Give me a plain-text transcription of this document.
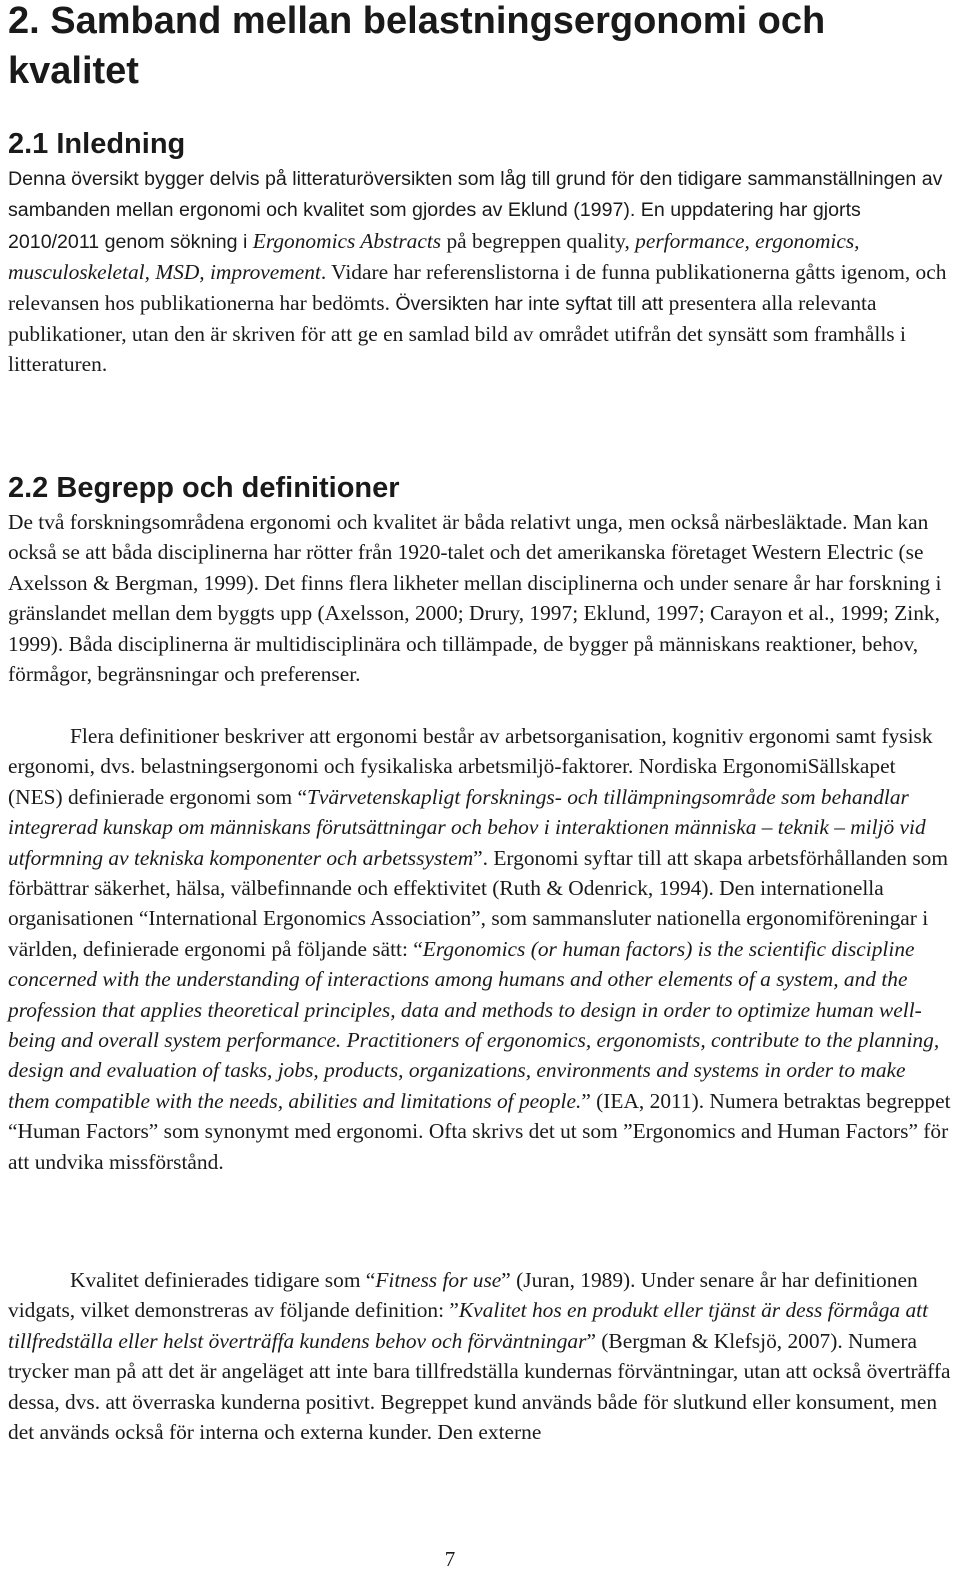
2. Samband mellan belastningsergonomi och kvalitet
2.1 Inledning

Denna översikt bygger delvis på litteraturöversikten som låg till grund för den tidigare sammanställningen av sambanden mellan ergonomi och kvalitet som gjordes av Eklund (1997). En uppdatering har gjorts 2010/2011 genom sökning i Ergonomics Abstracts på begreppen quality, performance, ergonomics, musculoskeletal, MSD, improvement. Vidare har referenslistorna i de funna publikationerna gåtts igenom, och relevansen hos publikationerna har bedömts. Översikten har inte syftat till att presentera alla relevanta publikationer, utan den är skriven för att ge en samlad bild av området utifrån det synsätt som framhålls i litteraturen.

2.2 Begrepp och definitioner

De två forskningsområdena ergonomi och kvalitet är båda relativt unga, men också närbesläktade. Man kan också se att båda disciplinerna har rötter från 1920-talet och det amerikanska företaget Western Electric (se Axelsson & Bergman, 1999). Det finns flera likheter mellan disciplinerna och under senare år har forskning i gränslandet mellan dem byggts upp (Axelsson, 2000; Drury, 1997; Eklund, 1997; Carayon et al., 1999; Zink, 1999). Båda disciplinerna är multidisciplinära och tillämpade, de bygger på människans reaktioner, behov, förmågor, begränsningar och preferenser.

Flera definitioner beskriver att ergonomi består av arbetsorganisation, kognitiv ergonomi samt fysisk ergonomi, dvs. belastningsergonomi och fysikaliska arbetsmiljö-faktorer. Nordiska ErgonomiSällskapet (NES) definierade ergonomi som “Tvärvetenskapligt forsknings- och tillämpningsområde som behandlar integrerad kunskap om människans förutsättningar och behov i interaktionen människa – teknik – miljö vid utformning av tekniska komponenter och arbetssystem”. Ergonomi syftar till att skapa arbetsförhållanden som förbättrar säkerhet, hälsa, välbefinnande och effektivitet (Ruth & Odenrick, 1994). Den internationella organisationen “International Ergonomics Association”, som sammansluter nationella ergonomiföreningar i världen, definierade ergonomi på följande sätt: “Ergonomics (or human factors) is the scientific discipline concerned with the understanding of interactions among humans and other elements of a system, and the profession that applies theoretical principles, data and methods to design in order to optimize human well-being and overall system performance. Practitioners of ergonomics, ergonomists, contribute to the planning, design and evaluation of tasks, jobs, products, organizations, environments and systems in order to make them compatible with the needs, abilities and limitations of people.” (IEA, 2011). Numera betraktas begreppet “Human Factors” som synonymt med ergonomi. Ofta skrivs det ut som ”Ergonomics and Human Factors” för att undvika missförstånd.

Kvalitet definierades tidigare som “Fitness for use” (Juran, 1989). Under senare år har definitionen vidgats, vilket demonstreras av följande definition: ”Kvalitet hos en produkt eller tjänst är dess förmåga att tillfredställa eller helst överträffa kundens behov och förväntningar” (Bergman & Klefsjö, 2007). Numera trycker man på att det är angeläget att inte bara tillfredställa kundernas förväntningar, utan att också överträffa dessa, dvs. att överraska kunderna positivt. Begreppet kund används både för slutkund eller konsument, men det används också för interna och externa kunder. Den externe

7
